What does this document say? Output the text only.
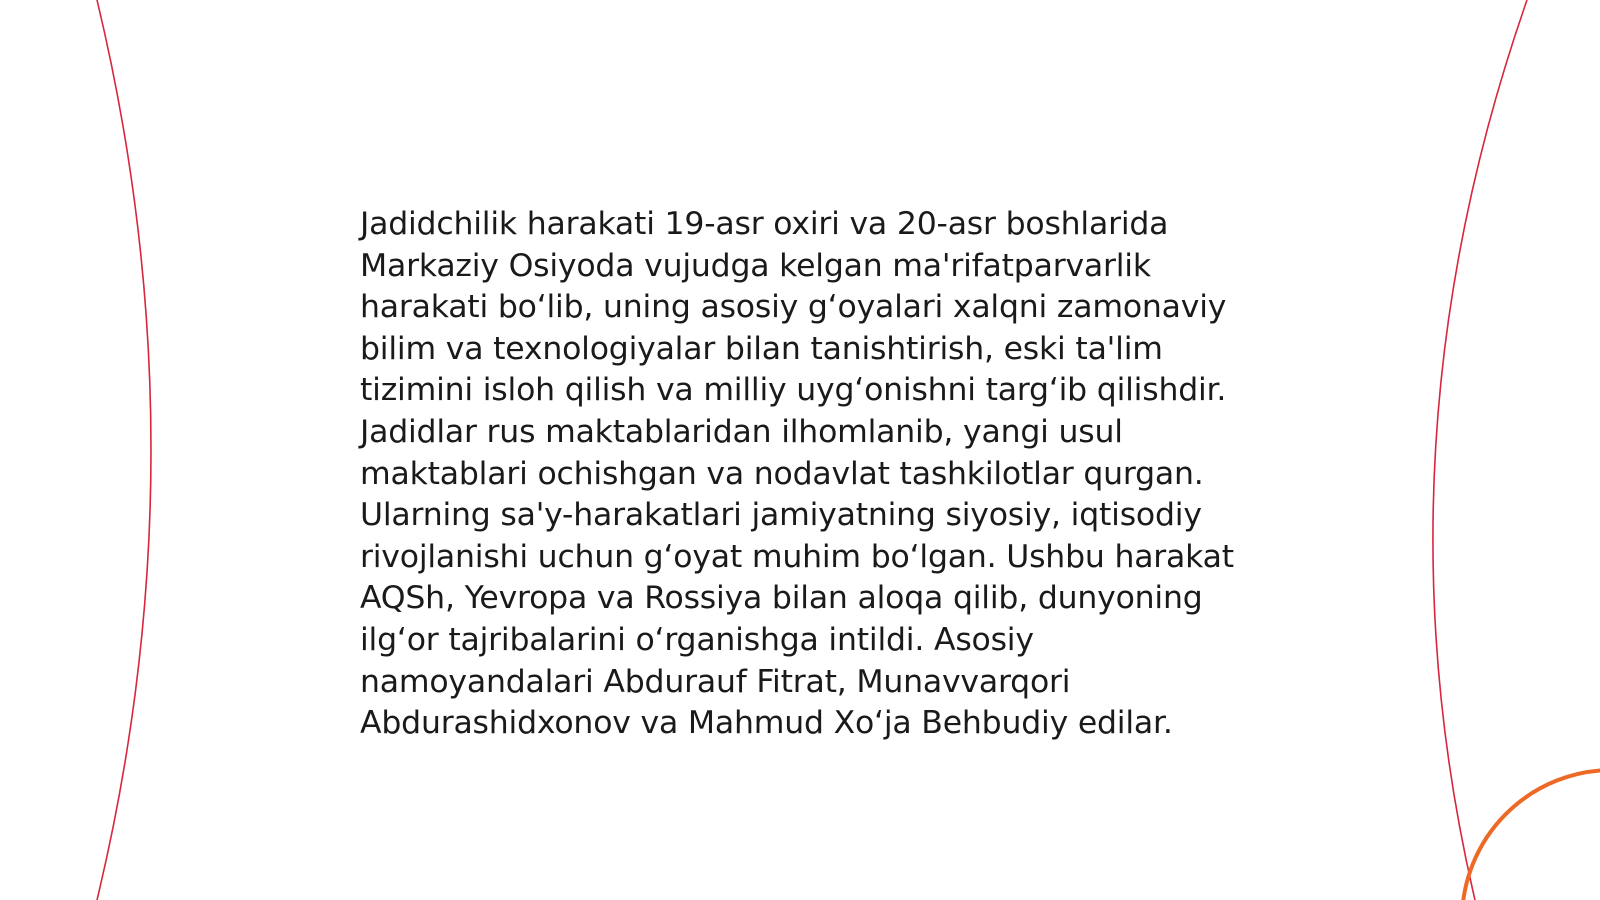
Jadidchilik harakati 19-asr oxiri va 20-asr boshlarida Markaziy Osiyoda vujudga kelgan ma'rifatparvarlik harakati bo‘lib, uning asosiy g‘oyalari xalqni zamonaviy bilim va texnologiyalar bilan tanishtirish, eski ta'lim tizimini isloh qilish va milliy uyg‘onishni targ‘ib qilishdir. Jadidlar rus maktablaridan ilhomlanib, yangi usul maktablari ochishgan va nodavlat tashkilotlar qurgan. Ularning sa'y-harakatlari jamiyatning siyosiy, iqtisodiy rivojlanishi uchun g‘oyat muhim bo‘lgan. Ushbu harakat AQSh, Yevropa va Rossiya bilan aloqa qilib, dunyoning ilg‘or tajribalarini o‘rganishga intildi. Asosiy namoyandalari Abdurauf Fitrat, Munavvarqori Abdurashidxonov va Mahmud Xo‘ja Behbudiy edilar.
